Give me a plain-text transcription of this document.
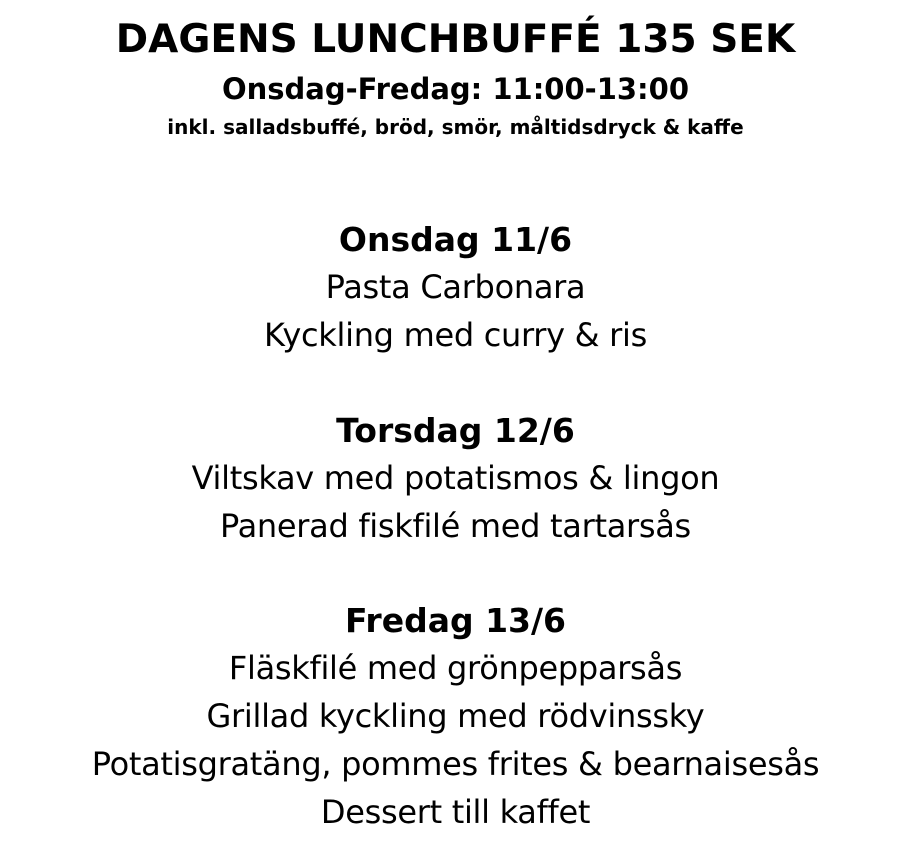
DAGENS LUNCHBUFFÉ 135 SEK
Onsdag-Fredag: 11:00-13:00
inkl. salladsbuffé, bröd, smör, måltidsdryck & kaffe
Onsdag 11/6
Pasta Carbonara
Kyckling med curry & ris
Torsdag 12/6
Viltskav med potatismos & lingon
Panerad fiskfilé med tartarsås
Fredag 13/6
Fläskfilé med grönpepparsås
Grillad kyckling med rödvinssky
Potatisgratäng, pommes frites & bearnaisesås
Dessert till kaffet
